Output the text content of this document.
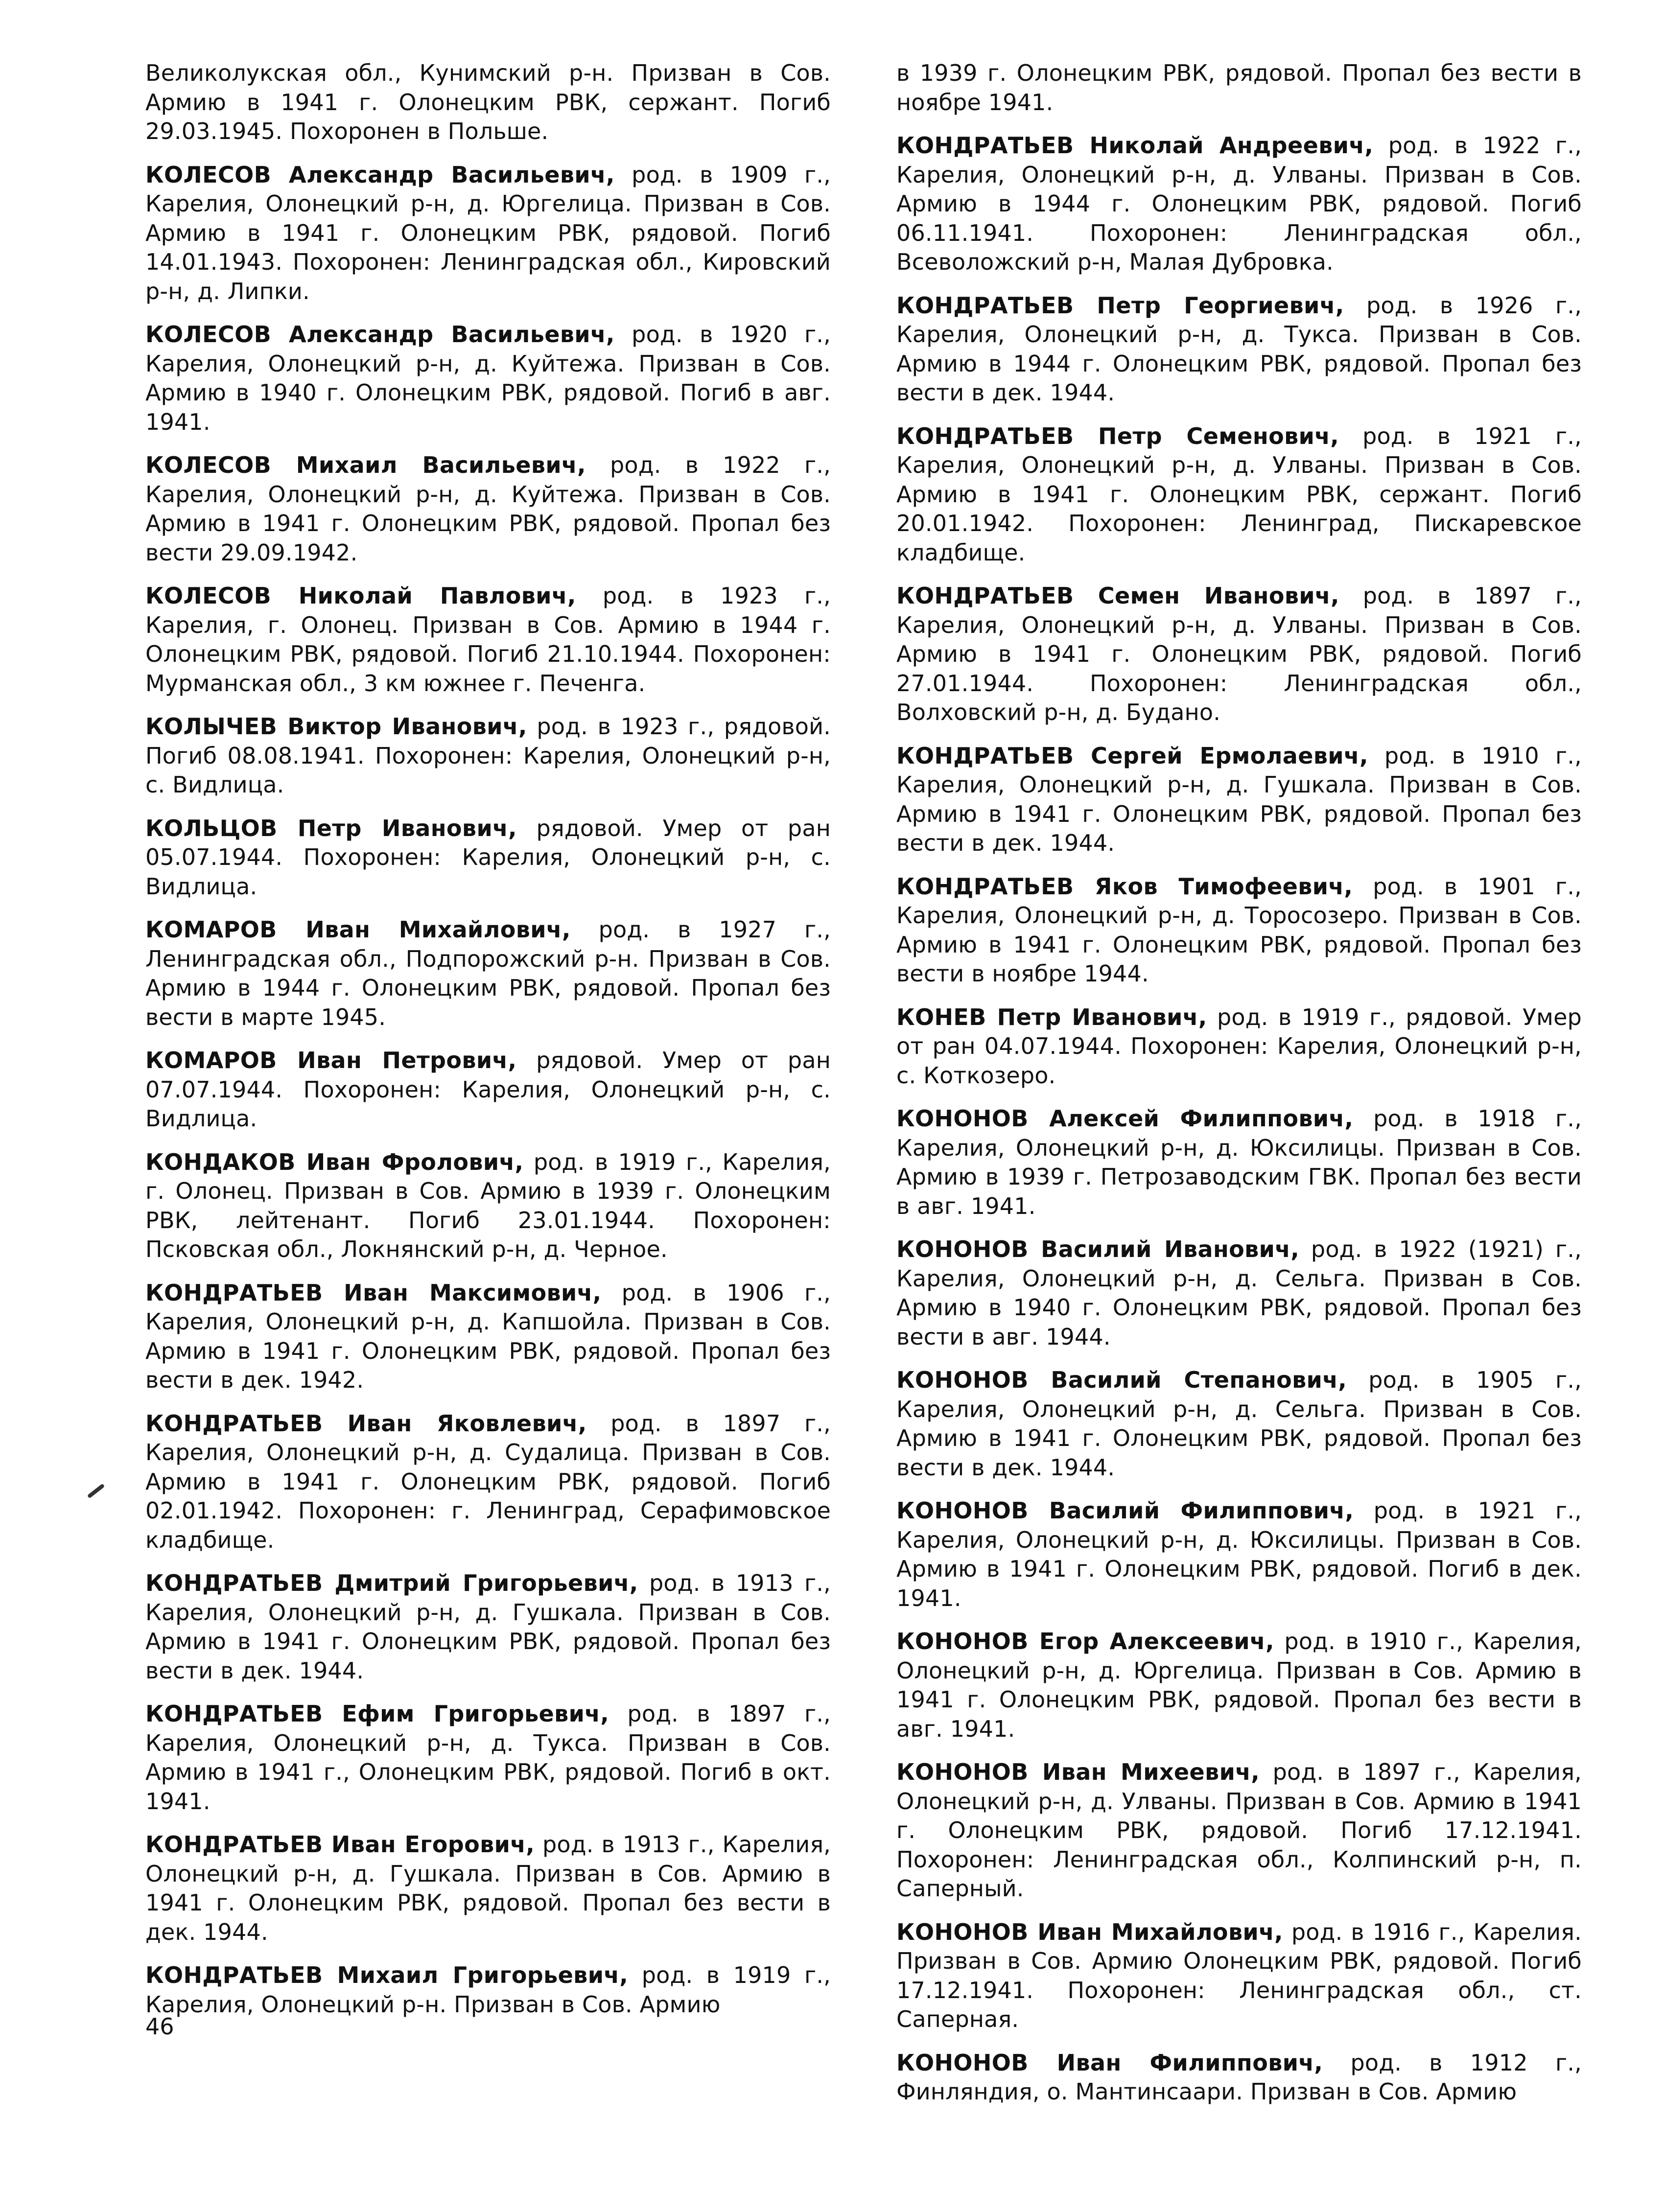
Великолукская обл., Кунимский р-н. Призван в Сов. Армию в 1941 г. Олонецким РВК, сержант. Погиб 29.03.1945. Похоронен в Польше.

КОЛЕСОВ Александр Васильевич, род. в 1909 г., Карелия, Олонецкий р-н, д. Юргелица. Призван в Сов. Армию в 1941 г. Олонецким РВК, рядовой. Погиб 14.01.1943. Похоронен: Ленинградская обл., Кировский р-н, д. Липки.

КОЛЕСОВ Александр Васильевич, род. в 1920 г., Карелия, Олонецкий р-н, д. Куйтежа. Призван в Сов. Армию в 1940 г. Олонецким РВК, рядовой. Погиб в авг. 1941.

КОЛЕСОВ Михаил Васильевич, род. в 1922 г., Карелия, Олонецкий р-н, д. Куйтежа. Призван в Сов. Армию в 1941 г. Олонецким РВК, рядовой. Пропал без вести 29.09.1942.

КОЛЕСОВ Николай Павлович, род. в 1923 г., Карелия, г. Олонец. Призван в Сов. Армию в 1944 г. Олонецким РВК, рядовой. Погиб 21.10.1944. Похоронен: Мурманская обл., 3 км южнее г. Печенга.

КОЛЫЧЕВ Виктор Иванович, род. в 1923 г., рядовой. Погиб 08.08.1941. Похоронен: Карелия, Олонецкий р-н, с. Видлица.

КОЛЬЦОВ Петр Иванович, рядовой. Умер от ран 05.07.1944. Похоронен: Карелия, Олонецкий р-н, с. Видлица.

КОМАРОВ Иван Михайлович, род. в 1927 г., Ленинградская обл., Подпорожский р-н. Призван в Сов. Армию в 1944 г. Олонецким РВК, рядовой. Пропал без вести в марте 1945.

КОМАРОВ Иван Петрович, рядовой. Умер от ран 07.07.1944. Похоронен: Карелия, Олонецкий р-н, с. Видлица.

КОНДАКОВ Иван Фролович, род. в 1919 г., Карелия, г. Олонец. Призван в Сов. Армию в 1939 г. Олонецким РВК, лейтенант. Погиб 23.01.1944. Похоронен: Псковская обл., Локнянский р-н, д. Черное.

КОНДРАТЬЕВ Иван Максимович, род. в 1906 г., Карелия, Олонецкий р-н, д. Капшойла. Призван в Сов. Армию в 1941 г. Олонецким РВК, рядовой. Пропал без вести в дек. 1942.

КОНДРАТЬЕВ Иван Яковлевич, род. в 1897 г., Карелия, Олонецкий р-н, д. Судалица. Призван в Сов. Армию в 1941 г. Олонецким РВК, рядовой. Погиб 02.01.1942. Похоронен: г. Ленинград, Серафимовское кладбище.

КОНДРАТЬЕВ Дмитрий Григорьевич, род. в 1913 г., Карелия, Олонецкий р-н, д. Гушкала. Призван в Сов. Армию в 1941 г. Олонецким РВК, рядовой. Пропал без вести в дек. 1944.

КОНДРАТЬЕВ Ефим Григорьевич, род. в 1897 г., Карелия, Олонецкий р-н, д. Тукса. Призван в Сов. Армию в 1941 г., Олонецким РВК, рядовой. Погиб в окт. 1941.

КОНДРАТЬЕВ Иван Егорович, род. в 1913 г., Карелия, Олонецкий р-н, д. Гушкала. Призван в Сов. Армию в 1941 г. Олонецким РВК, рядовой. Пропал без вести в дек. 1944.

КОНДРАТЬЕВ Михаил Григорьевич, род. в 1919 г., Карелия, Олонецкий р-н. Призван в Сов. Армию

в 1939 г. Олонецким РВК, рядовой. Пропал без вести в ноябре 1941.

КОНДРАТЬЕВ Николай Андреевич, род. в 1922 г., Карелия, Олонецкий р-н, д. Улваны. Призван в Сов. Армию в 1944 г. Олонецким РВК, рядовой. Погиб 06.11.1941. Похоронен: Ленинградская обл., Всеволожский р-н, Малая Дубровка.

КОНДРАТЬЕВ Петр Георгиевич, род. в 1926 г., Карелия, Олонецкий р-н, д. Тукса. Призван в Сов. Армию в 1944 г. Олонецким РВК, рядовой. Пропал без вести в дек. 1944.

КОНДРАТЬЕВ Петр Семенович, род. в 1921 г., Карелия, Олонецкий р-н, д. Улваны. Призван в Сов. Армию в 1941 г. Олонецким РВК, сержант. Погиб 20.01.1942. Похоронен: Ленинград, Пискаревское кладбище.

КОНДРАТЬЕВ Семен Иванович, род. в 1897 г., Карелия, Олонецкий р-н, д. Улваны. Призван в Сов. Армию в 1941 г. Олонецким РВК, рядовой. Погиб 27.01.1944. Похоронен: Ленинградская обл., Волховский р-н, д. Будано.

КОНДРАТЬЕВ Сергей Ермолаевич, род. в 1910 г., Карелия, Олонецкий р-н, д. Гушкала. Призван в Сов. Армию в 1941 г. Олонецким РВК, рядовой. Пропал без вести в дек. 1944.

КОНДРАТЬЕВ Яков Тимофеевич, род. в 1901 г., Карелия, Олонецкий р-н, д. Торосозеро. Призван в Сов. Армию в 1941 г. Олонецким РВК, рядовой. Пропал без вести в ноябре 1944.

КОНЕВ Петр Иванович, род. в 1919 г., рядовой. Умер от ран 04.07.1944. Похоронен: Карелия, Олонецкий р-н, с. Коткозеро.

КОНОНОВ Алексей Филиппович, род. в 1918 г., Карелия, Олонецкий р-н, д. Юксилицы. Призван в Сов. Армию в 1939 г. Петрозаводским ГВК. Пропал без вести в авг. 1941.

КОНОНОВ Василий Иванович, род. в 1922 (1921) г., Карелия, Олонецкий р-н, д. Сельга. Призван в Сов. Армию в 1940 г. Олонецким РВК, рядовой. Пропал без вести в авг. 1944.

КОНОНОВ Василий Степанович, род. в 1905 г., Карелия, Олонецкий р-н, д. Сельга. Призван в Сов. Армию в 1941 г. Олонецким РВК, рядовой. Пропал без вести в дек. 1944.

КОНОНОВ Василий Филиппович, род. в 1921 г., Карелия, Олонецкий р-н, д. Юксилицы. Призван в Сов. Армию в 1941 г. Олонецким РВК, рядовой. Погиб в дек. 1941.

КОНОНОВ Егор Алексеевич, род. в 1910 г., Карелия, Олонецкий р-н, д. Юргелица. Призван в Сов. Армию в 1941 г. Олонецким РВК, рядовой. Пропал без вести в авг. 1941.

КОНОНОВ Иван Михеевич, род. в 1897 г., Карелия, Олонецкий р-н, д. Улваны. Призван в Сов. Армию в 1941 г. Олонецким РВК, рядовой. Погиб 17.12.1941. Похоронен: Ленинградская обл., Колпинский р-н, п. Саперный.

КОНОНОВ Иван Михайлович, род. в 1916 г., Карелия. Призван в Сов. Армию Олонецким РВК, рядовой. Погиб 17.12.1941. Похоронен: Ленинградская обл., ст. Саперная.

КОНОНОВ Иван Филиппович, род. в 1912 г., Финляндия, о. Мантинсаари. Призван в Сов. Армию

46
